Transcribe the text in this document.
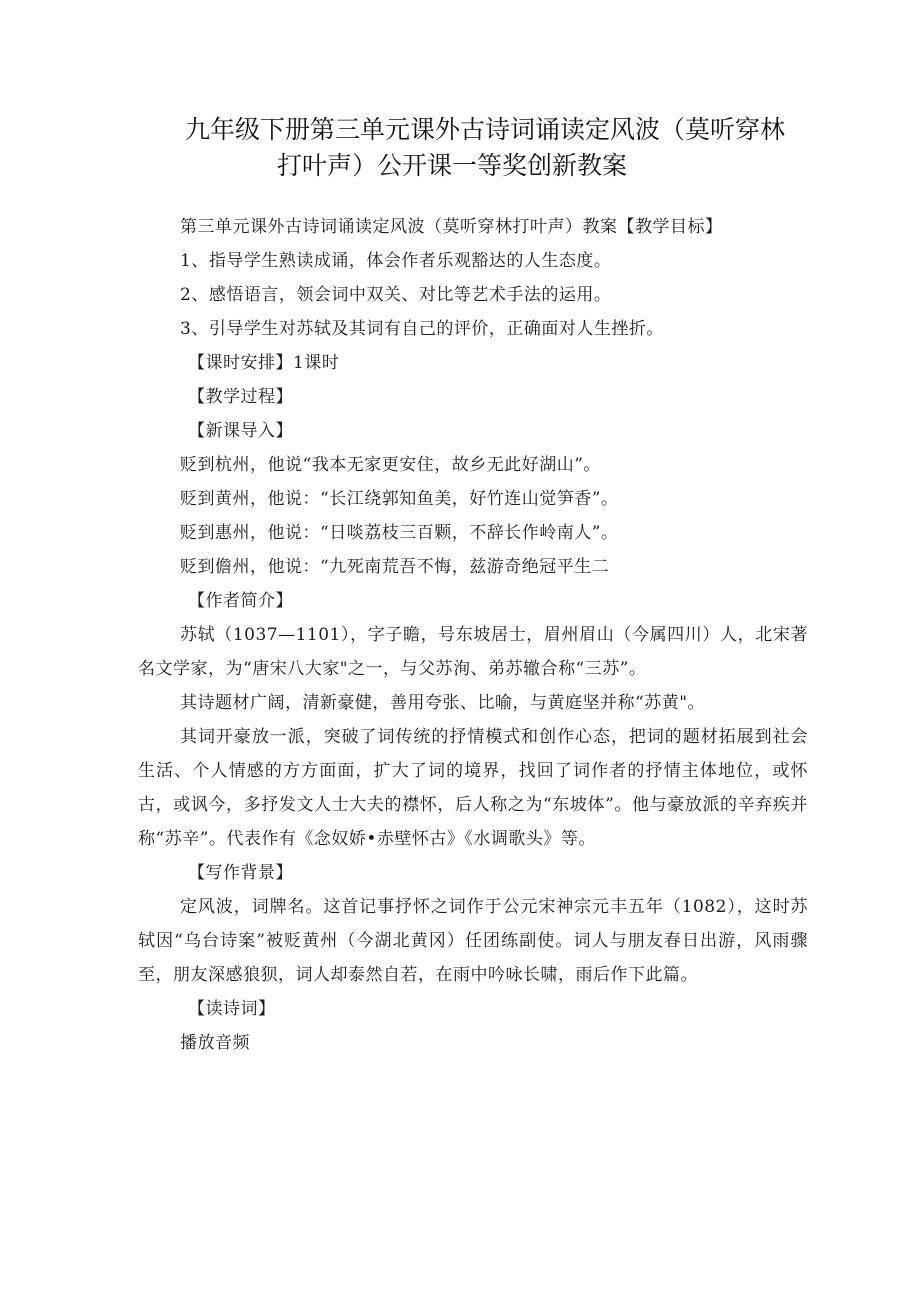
九年级下册第三单元课外古诗词诵读定风波（莫听穿林
打叶声）公开课一等奖创新教案

第三单元课外古诗词诵读定风波（莫听穿林打叶声）教案【教学目标】

1、指导学生熟读成诵，体会作者乐观豁达的人生态度。

2、感悟语言，领会词中双关、对比等艺术手法的运用。

3、引导学生对苏轼及其词有自己的评价，正确面对人生挫折。

【课时安排】1课时

【教学过程】

【新课导入】

贬到杭州，他说“我本无家更安住，故乡无此好湖山”。

贬到黄州，他说：“长江绕郭知鱼美，好竹连山觉笋香”。

贬到惠州，他说：“日啖荔枝三百颗，不辞长作岭南人”。

贬到儋州，他说：“九死南荒吾不悔，兹游奇绝冠平生二

【作者简介】

苏轼（1037—1101），字子瞻，号东坡居士，眉州眉山（今属四川）人，北宋著名文学家，为“唐宋八大家"之一，与父苏洵、弟苏辙合称“三苏”。

其诗题材广阔，清新豪健，善用夸张、比喻，与黄庭坚并称“苏黄"。

其词开豪放一派，突破了词传统的抒情模式和创作心态，把词的题材拓展到社会生活、个人情感的方方面面，扩大了词的境界，找回了词作者的抒情主体地位，或怀古，或讽今，多抒发文人士大夫的襟怀，后人称之为“东坡体”。他与豪放派的辛弃疾并称“苏辛”。代表作有《念奴娇•赤壁怀古》《水调歌头》等。

【写作背景】

定风波，词牌名。这首记事抒怀之词作于公元宋神宗元丰五年（1082），这时苏轼因“乌台诗案”被贬黄州（今湖北黄冈）任团练副使。词人与朋友春日出游，风雨骤至，朋友深感狼狈，词人却泰然自若，在雨中吟咏长啸，雨后作下此篇。

【读诗词】

播放音频
